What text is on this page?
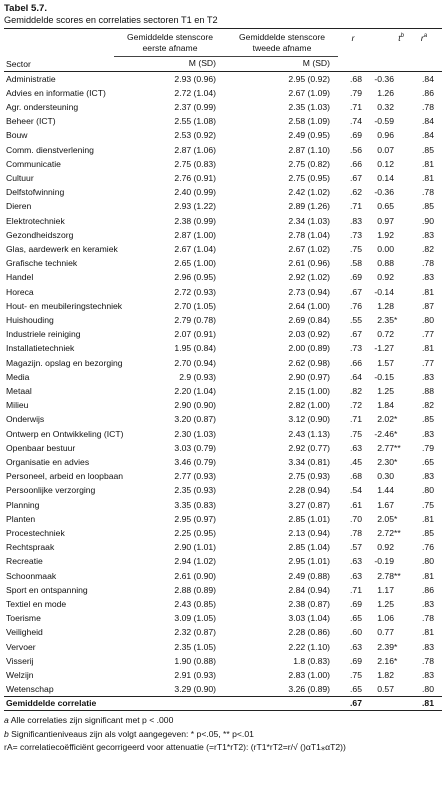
Tabel 5.7.
Gemiddelde scores en correlaties sectoren T1 en T2
	Gemiddelde stenscore	Gemiddelde stenscore	r	$t^b$	$r^a$
	eerste afname	tweede afname			
Sector	M (SD)	M (SD)			
Administratie	2.93 (0.96)	2.95 (0.92)	.68	-0.36	.84
Advies en informatie (ICT)	2.72 (1.04)	2.67 (1.09)	.79	1.26	.86
Agr. ondersteuning	2.37 (0.99)	2.35 (1.03)	.71	0.32	.78
Beheer (ICT)	2.55 (1.08)	2.58 (1.09)	.74	-0.59	.84
Bouw	2.53 (0.92)	2.49 (0.95)	.69	0.96	.84
Comm. dienstverlening	2.87 (1.06)	2.87 (1.10)	.56	0.07	.85
Communicatie	2.75 (0.83)	2.75 (0.82)	.66	0.12	.81
Cultuur	2.76 (0.91)	2.75 (0.95)	.67	0.14	.81
Delfstofwinning	2.40 (0.99)	2.42 (1.02)	.62	-0.36	.78
Dieren	2.93 (1.22)	2.89 (1.26)	.71	0.65	.85
Elektrotechniek	2.38 (0.99)	2.34 (1.03)	.83	0.97	.90
Gezondheidszorg	2.87 (1.00)	2.78 (1.04)	.73	1.92	.83
Glas, aardewerk en keramiek	2.67 (1.04)	2.67 (1.02)	.75	0.00	.82
Grafische techniek	2.65 (1.00)	2.61 (0.96)	.58	0.88	.78
Handel	2.96 (0.95)	2.92 (1.02)	.69	0.92	.83
Horeca	2.72 (0.93)	2.73 (0.94)	.67	-0.14	.81
Hout- en meubileringstechniek	2.70 (1.05)	2.64 (1.00)	.76	1.28	.87
Huishouding	2.79 (0.78)	2.69 (0.84)	.55	2.35*	.80
Industriele reiniging	2.07 (0.91)	2.03 (0.92)	.67	0.72	.77
Installatietechniek	1.95 (0.84)	2.00 (0.89)	.73	-1.27	.81
Magazijn. opslag en bezorging	2.70 (0.94)	2.62 (0.98)	.66	1.57	.77
Media	2.9 (0.93)	2.90 (0.97)	.64	-0.15	.83
Metaal	2.20 (1.04)	2.15 (1.00)	.82	1.25	.88
Milieu	2.90 (0.90)	2.82 (1.00)	.72	1.84	.82
Onderwijs	3.20 (0.87)	3.12 (0.90)	.71	2.02*	.85
Ontwerp en Ontwikkeling (ICT)	2.30 (1.03)	2.43 (1.13)	.75	-2.46*	.83
Openbaar bestuur	3.03 (0.79)	2.92 (0.77)	.63	2.77**	.79
Organisatie en advies	3.46 (0.79)	3.34 (0.81)	.45	2.30*	.65
Personeel, arbeid en loopbaan	2.77 (0.93)	2.75 (0.93)	.68	0.30	.83
Persoonlijke verzorging	2.35 (0.93)	2.28 (0.94)	.54	1.44	.80
Planning	3.35 (0.83)	3.27 (0.87)	.61	1.67	.75
Planten	2.95 (0.97)	2.85 (1.01)	.70	2.05*	.81
Procestechniek	2.25 (0.95)	2.13 (0.94)	.78	2.72**	.85
Rechtspraak	2.90 (1.01)	2.85 (1.04)	.57	0.92	.76
Recreatie	2.94 (1.02)	2.95 (1.01)	.63	-0.19	.80
Schoonmaak	2.61 (0.90)	2.49 (0.88)	.63	2.78**	.81
Sport en ontspanning	2.88 (0.89)	2.84 (0.94)	.71	1.17	.86
Textiel en mode	2.43 (0.85)	2.38 (0.87)	.69	1.25	.83
Toerisme	3.09 (1.05)	3.03 (1.04)	.65	1.06	.78
Veiligheid	2.32 (0.87)	2.28 (0.86)	.60	0.77	.81
Vervoer	2.35 (1.05)	2.22 (1.10)	.63	2.39*	.83
Visserij	1.90 (0.88)	1.8 (0.83)	.69	2.16*	.78
Welzijn	2.91 (0.93)	2.83 (1.00)	.75	1.82	.83
Wetenschap	3.29 (0.90)	3.26 (0.89)	.65	0.57	.80
Gemiddelde correlatie			.67		.81
a Alle correlaties zijn significant met p < .000
b Significantieniveaus zijn als volgt aangegeven: * p<.05, ** p<.01
rA= correlatiecoëfficiënt gecorrigeerd voor attenuatie (=rT1*rT2): (rT1*rT2=r/√ ()αT1⁎αT2))
